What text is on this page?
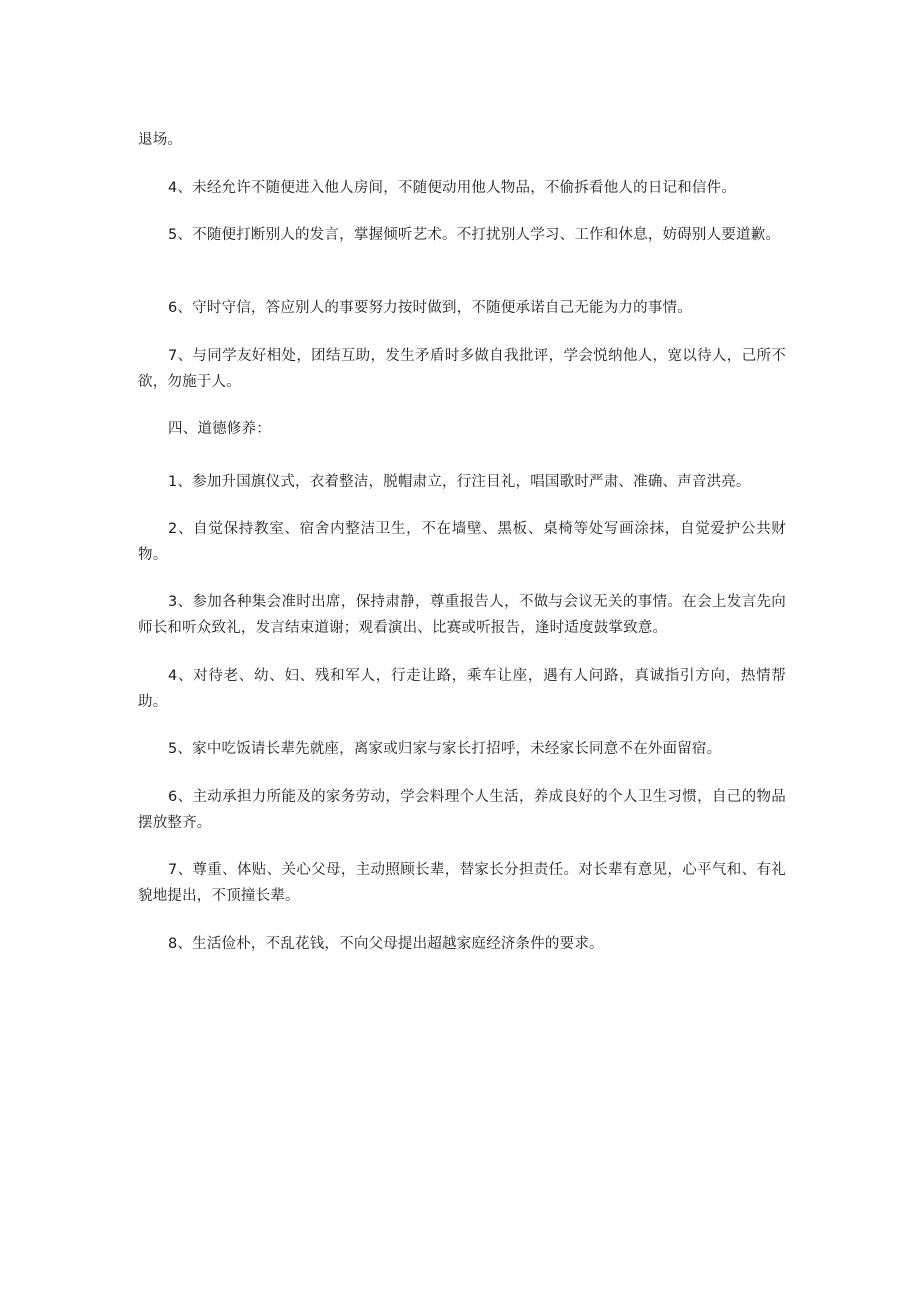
退场。

4、未经允许不随便进入他人房间，不随便动用他人物品，不偷拆看他人的日记和信件。

5、不随便打断别人的发言，掌握倾听艺术。不打扰别人学习、工作和休息，妨碍别人要道歉。

6、守时守信，答应别人的事要努力按时做到，不随便承诺自己无能为力的事情。

7、与同学友好相处，团结互助，发生矛盾时多做自我批评，学会悦纳他人，宽以待人，己所不欲，勿施于人。

四、道德修养：

1、参加升国旗仪式，衣着整洁，脱帽肃立，行注目礼，唱国歌时严肃、准确、声音洪亮。

2、自觉保持教室、宿舍内整洁卫生，不在墙壁、黑板、桌椅等处写画涂抹，自觉爱护公共财物。

3、参加各种集会准时出席，保持肃静，尊重报告人，不做与会议无关的事情。在会上发言先向师长和听众致礼，发言结束道谢；观看演出、比赛或听报告，逢时适度鼓掌致意。

4、对待老、幼、妇、残和军人，行走让路，乘车让座，遇有人问路，真诚指引方向，热情帮助。

5、家中吃饭请长辈先就座，离家或归家与家长打招呼，未经家长同意不在外面留宿。

6、主动承担力所能及的家务劳动，学会料理个人生活，养成良好的个人卫生习惯，自己的物品摆放整齐。

7、尊重、体贴、关心父母，主动照顾长辈，替家长分担责任。对长辈有意见，心平气和、有礼貌地提出，不顶撞长辈。

8、生活俭朴，不乱花钱，不向父母提出超越家庭经济条件的要求。
